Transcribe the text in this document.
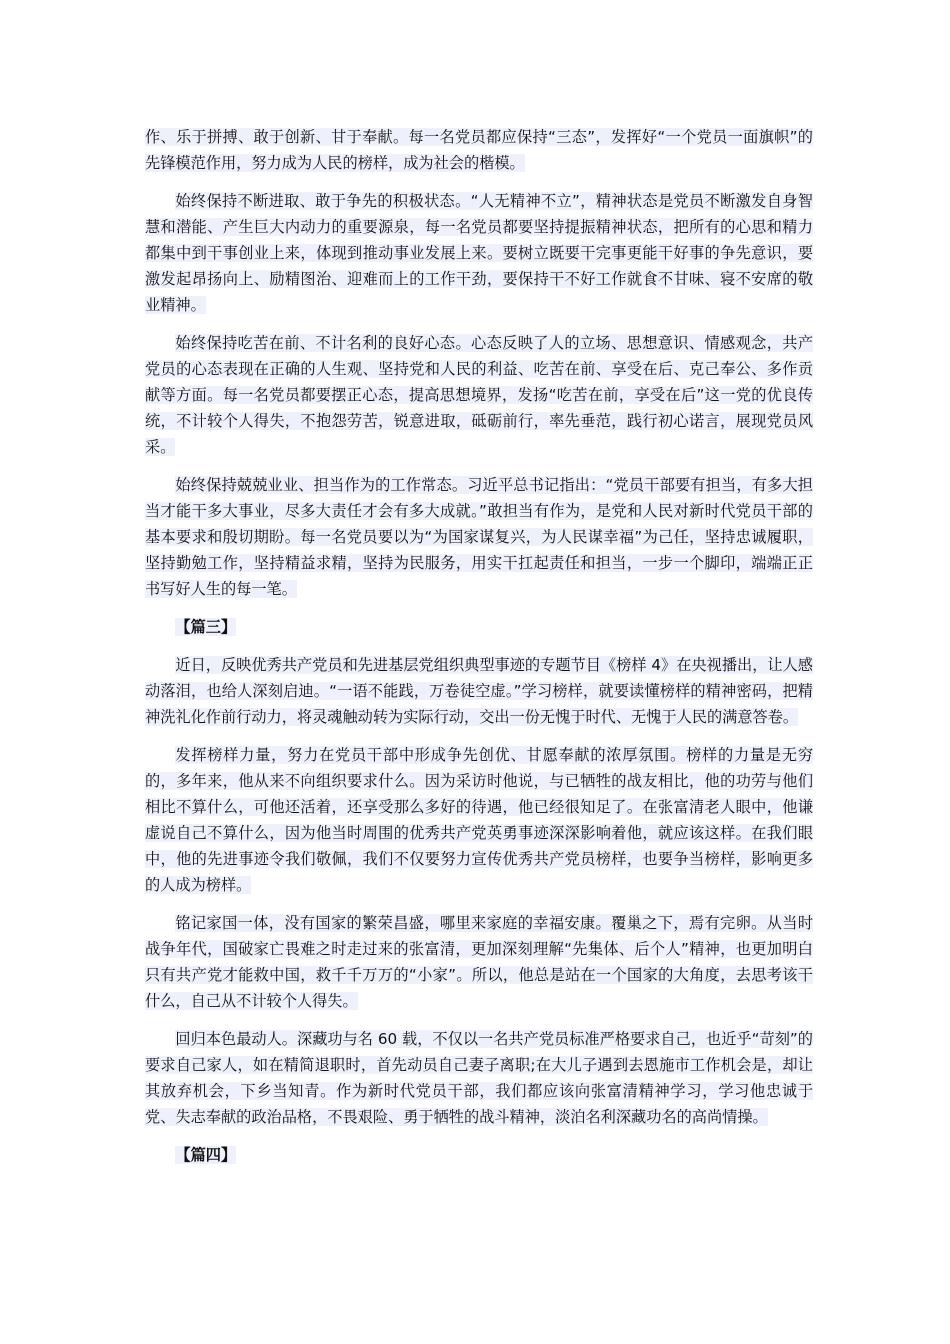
作、乐于拼搏、敢于创新、甘于奉献。每一名党员都应保持“三态”，发挥好“一个党员一面旗帜”的先锋模范作用，努力成为人民的榜样，成为社会的楷模。

始终保持不断进取、敢于争先的积极状态。“人无精神不立”，精神状态是党员不断激发自身智慧和潜能、产生巨大内动力的重要源泉，每一名党员都要坚持提振精神状态，把所有的心思和精力都集中到干事创业上来，体现到推动事业发展上来。要树立既要干完事更能干好事的争先意识，要激发起昂扬向上、励精图治、迎难而上的工作干劲，要保持干不好工作就食不甘味、寝不安席的敬业精神。

始终保持吃苦在前、不计名利的良好心态。心态反映了人的立场、思想意识、情感观念，共产党员的心态表现在正确的人生观、坚持党和人民的利益、吃苦在前、享受在后、克己奉公、多作贡献等方面。每一名党员都要摆正心态，提高思想境界，发扬“吃苦在前，享受在后”这一党的优良传统，不计较个人得失，不抱怨劳苦，锐意进取，砥砺前行，率先垂范，践行初心诺言，展现党员风采。

始终保持兢兢业业、担当作为的工作常态。习近平总书记指出：“党员干部要有担当，有多大担当才能干多大事业，尽多大责任才会有多大成就。”敢担当有作为，是党和人民对新时代党员干部的基本要求和殷切期盼。每一名党员要以为“为国家谋复兴，为人民谋幸福”为己任，坚持忠诚履职，坚持勤勉工作，坚持精益求精，坚持为民服务，用实干扛起责任和担当，一步一个脚印，端端正正书写好人生的每一笔。

【篇三】

近日，反映优秀共产党员和先进基层党组织典型事迹的专题节目《榜样 4》在央视播出，让人感动落泪，也给人深刻启迪。“一语不能践，万卷徒空虚。”学习榜样，就要读懂榜样的精神密码，把精神洗礼化作前行动力，将灵魂触动转为实际行动，交出一份无愧于时代、无愧于人民的满意答卷。

发挥榜样力量，努力在党员干部中形成争先创优、甘愿奉献的浓厚氛围。榜样的力量是无穷的，多年来，他从来不向组织要求什么。因为采访时他说，与已牺牲的战友相比，他的功劳与他们相比不算什么，可他还活着，还享受那么多好的待遇，他已经很知足了。在张富清老人眼中，他谦虚说自己不算什么，因为他当时周围的优秀共产党英勇事迹深深影响着他，就应该这样。在我们眼中，他的先进事迹令我们敬佩，我们不仅要努力宣传优秀共产党员榜样，也要争当榜样，影响更多的人成为榜样。

铭记家国一体，没有国家的繁荣昌盛，哪里来家庭的幸福安康。覆巢之下，焉有完卵。从当时战争年代，国破家亡畏难之时走过来的张富清，更加深刻理解“先集体、后个人”精神，也更加明白只有共产党才能救中国，救千千万万的“小家”。所以，他总是站在一个国家的大角度，去思考该干什么，自己从不计较个人得失。

回归本色最动人。深藏功与名 60 载，不仅以一名共产党员标准严格要求自己，也近乎“苛刻”的要求自己家人，如在精简退职时，首先动员自己妻子离职;在大儿子遇到去恩施市工作机会是，却让其放弃机会，下乡当知青。作为新时代党员干部，我们都应该向张富清精神学习，学习他忠诚于党、失志奉献的政治品格，不畏艰险、勇于牺牲的战斗精神，淡泊名利深藏功名的高尚情操。

【篇四】
